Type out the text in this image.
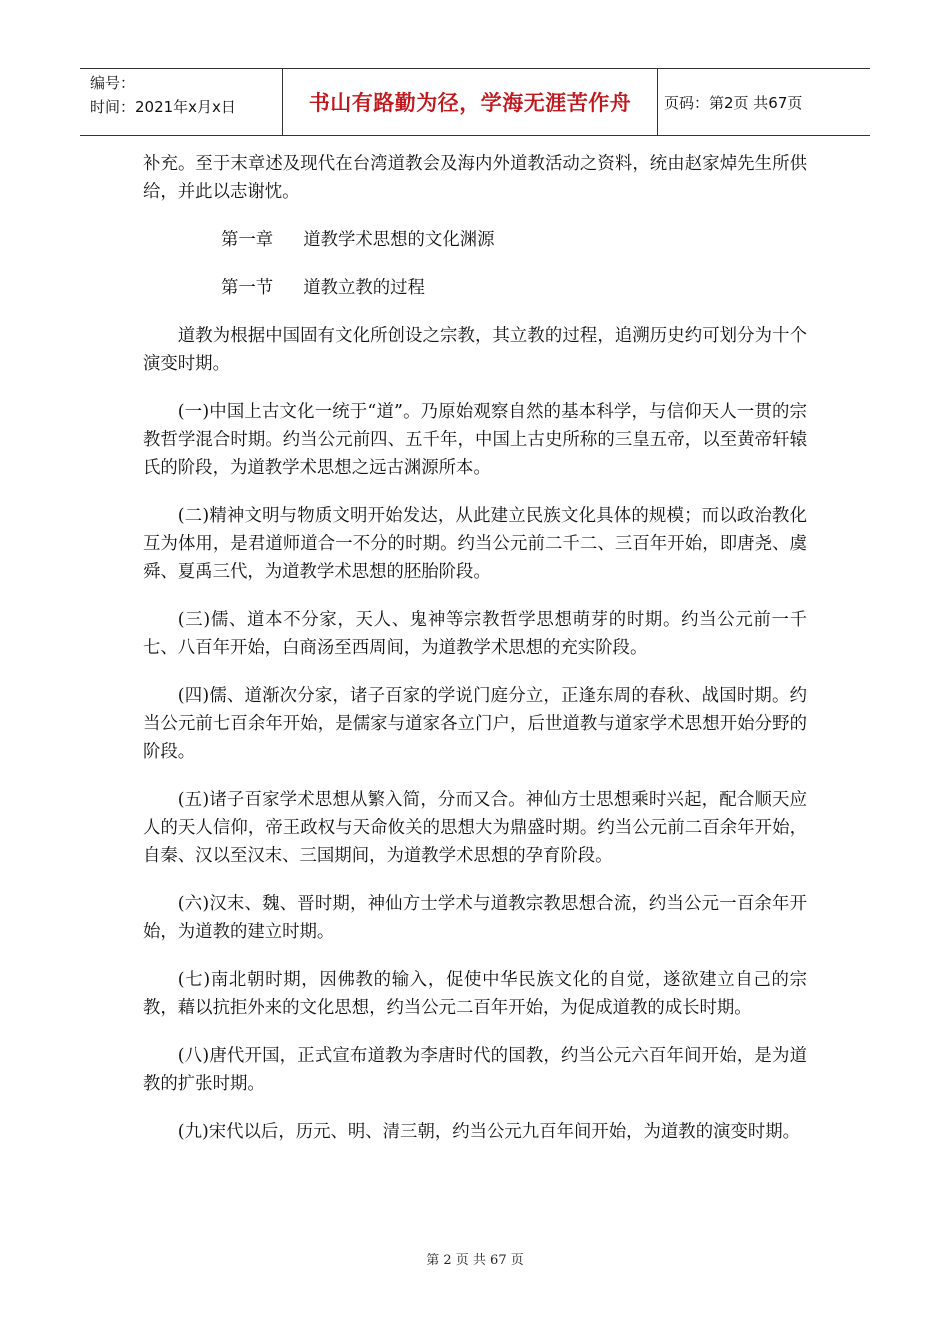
编号：
时间：2021年x月x日	书山有路勤为径，学海无涯苦作舟 页码：第2页 共67页

补充。至于末章述及现代在台湾道教会及海内外道教活动之资料，统由赵家焯先生所供给，并此以志谢忱。

第一章 道教学术思想的文化渊源
第一节 道教立教的过程

道教为根据中国固有文化所创设之宗教，其立教的过程，追溯历史约可划分为十个演变时期。

(一)中国上古文化一统于“道”。乃原始观察自然的基本科学，与信仰天人一贯的宗教哲学混合时期。约当公元前四、五千年，中国上古史所称的三皇五帝，以至黄帝轩辕氏的阶段，为道教学术思想之远古渊源所本。

(二)精神文明与物质文明开始发达，从此建立民族文化具体的规模；而以政治教化互为体用，是君道师道合一不分的时期。约当公元前二千二、三百年开始，即唐尧、虞舜、夏禹三代，为道教学术思想的胚胎阶段。

(三)儒、道本不分家，天人、鬼神等宗教哲学思想萌芽的时期。约当公元前一千七、八百年开始，白商汤至西周间，为道教学术思想的充实阶段。

(四)儒、道渐次分家，诸子百家的学说门庭分立，正逢东周的春秋、战国时期。约当公元前七百余年开始，是儒家与道家各立门户，后世道教与道家学术思想开始分野的阶段。

(五)诸子百家学术思想从繁入简，分而又合。神仙方士思想乘时兴起，配合顺天应人的天人信仰，帝王政权与天命攸关的思想大为鼎盛时期。约当公元前二百余年开始，自秦、汉以至汉末、三国期间，为道教学术思想的孕育阶段。

(六)汉末、魏、晋时期，神仙方士学术与道教宗教思想合流，约当公元一百余年开始，为道教的建立时期。

(七)南北朝时期，因佛教的输入，促使中华民族文化的自觉，遂欲建立自己的宗教，藉以抗拒外来的文化思想，约当公元二百年开始，为促成道教的成长时期。

(八)唐代开国，正式宣布道教为李唐时代的国教，约当公元六百年间开始，是为道教的扩张时期。

(九)宋代以后，历元、明、清三朝，约当公元九百年间开始，为道教的演变时期。

第 2 页 共 67 页
